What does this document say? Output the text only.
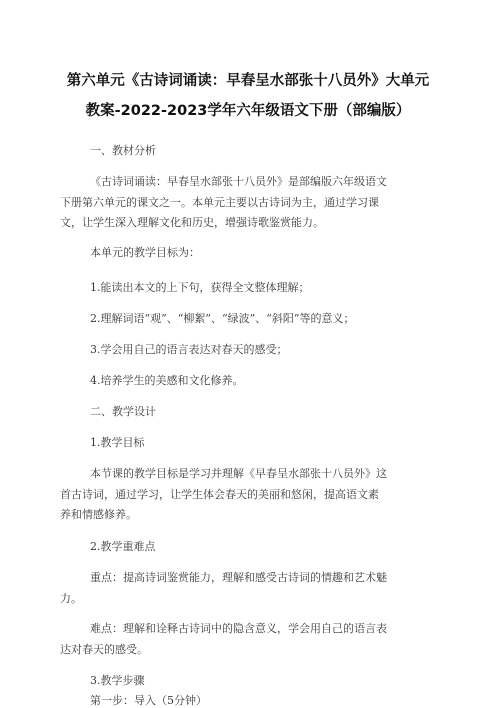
第六单元《古诗词诵读：早春呈水部张十八员外》大单元
教案-2022-2023学年六年级语文下册（部编版）
一、教材分析
《古诗词诵读：早春呈水部张十八员外》是部编版六年级语文
下册第六单元的课文之一。本单元主要以古诗词为主，通过学习课
文，让学生深入理解文化和历史，增强诗歌鉴赏能力。
本单元的教学目标为：
1.能读出本文的上下句，获得全文整体理解；
2.理解词语“观”、“柳絮”、“绿波”、“斜阳”等的意义；
3.学会用自己的语言表达对春天的感受；
4.培养学生的美感和文化修养。
二、教学设计
1.教学目标
本节课的教学目标是学习并理解《早春呈水部张十八员外》这
首古诗词，通过学习，让学生体会春天的美丽和悠闲，提高语文素
养和情感修养。
2.教学重难点
重点：提高诗词鉴赏能力，理解和感受古诗词的情趣和艺术魅
力。
难点：理解和诠释古诗词中的隐含意义，学会用自己的语言表
达对春天的感受。
3.教学步骤
第一步：导入（5分钟）
